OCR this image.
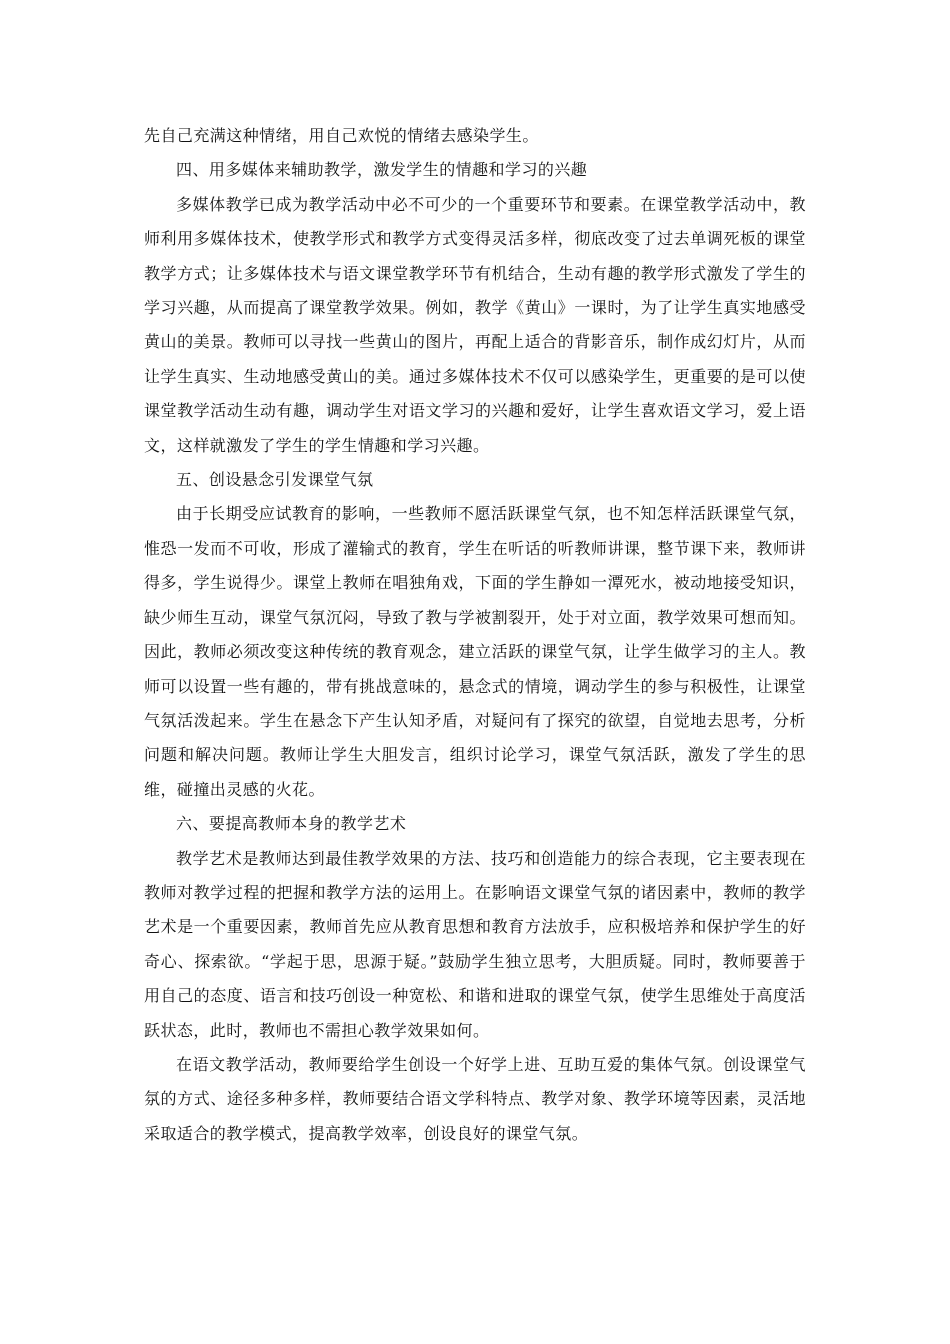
先自己充满这种情绪，用自己欢悦的情绪去感染学生。

四、用多媒体来辅助教学，激发学生的情趣和学习的兴趣

多媒体教学已成为教学活动中必不可少的一个重要环节和要素。在课堂教学活动中，教师利用多媒体技术，使教学形式和教学方式变得灵活多样，彻底改变了过去单调死板的课堂教学方式；让多媒体技术与语文课堂教学环节有机结合，生动有趣的教学形式激发了学生的学习兴趣，从而提高了课堂教学效果。例如，教学《黄山》一课时，为了让学生真实地感受黄山的美景。教师可以寻找一些黄山的图片，再配上适合的背影音乐，制作成幻灯片，从而让学生真实、生动地感受黄山的美。通过多媒体技术不仅可以感染学生，更重要的是可以使课堂教学活动生动有趣，调动学生对语文学习的兴趣和爱好，让学生喜欢语文学习，爱上语文，这样就激发了学生的学生情趣和学习兴趣。

五、创设悬念引发课堂气氛

由于长期受应试教育的影响，一些教师不愿活跃课堂气氛，也不知怎样活跃课堂气氛，惟恐一发而不可收，形成了灌输式的教育，学生在听话的听教师讲课，整节课下来，教师讲得多，学生说得少。课堂上教师在唱独角戏，下面的学生静如一潭死水，被动地接受知识，缺少师生互动，课堂气氛沉闷，导致了教与学被割裂开，处于对立面，教学效果可想而知。因此，教师必须改变这种传统的教育观念，建立活跃的课堂气氛，让学生做学习的主人。教师可以设置一些有趣的，带有挑战意味的，悬念式的情境，调动学生的参与积极性，让课堂气氛活泼起来。学生在悬念下产生认知矛盾，对疑问有了探究的欲望，自觉地去思考，分析问题和解决问题。教师让学生大胆发言，组织讨论学习，课堂气氛活跃，激发了学生的思维，碰撞出灵感的火花。

六、要提高教师本身的教学艺术

教学艺术是教师达到最佳教学效果的方法、技巧和创造能力的综合表现，它主要表现在教师对教学过程的把握和教学方法的运用上。在影响语文课堂气氛的诸因素中，教师的教学艺术是一个重要因素，教师首先应从教育思想和教育方法放手，应积极培养和保护学生的好奇心、探索欲。“学起于思，思源于疑。”鼓励学生独立思考，大胆质疑。同时，教师要善于用自己的态度、语言和技巧创设一种宽松、和谐和进取的课堂气氛，使学生思维处于高度活跃状态，此时，教师也不需担心教学效果如何。

在语文教学活动，教师要给学生创设一个好学上进、互助互爱的集体气氛。创设课堂气氛的方式、途径多种多样，教师要结合语文学科特点、教学对象、教学环境等因素，灵活地采取适合的教学模式，提高教学效率，创设良好的课堂气氛。
